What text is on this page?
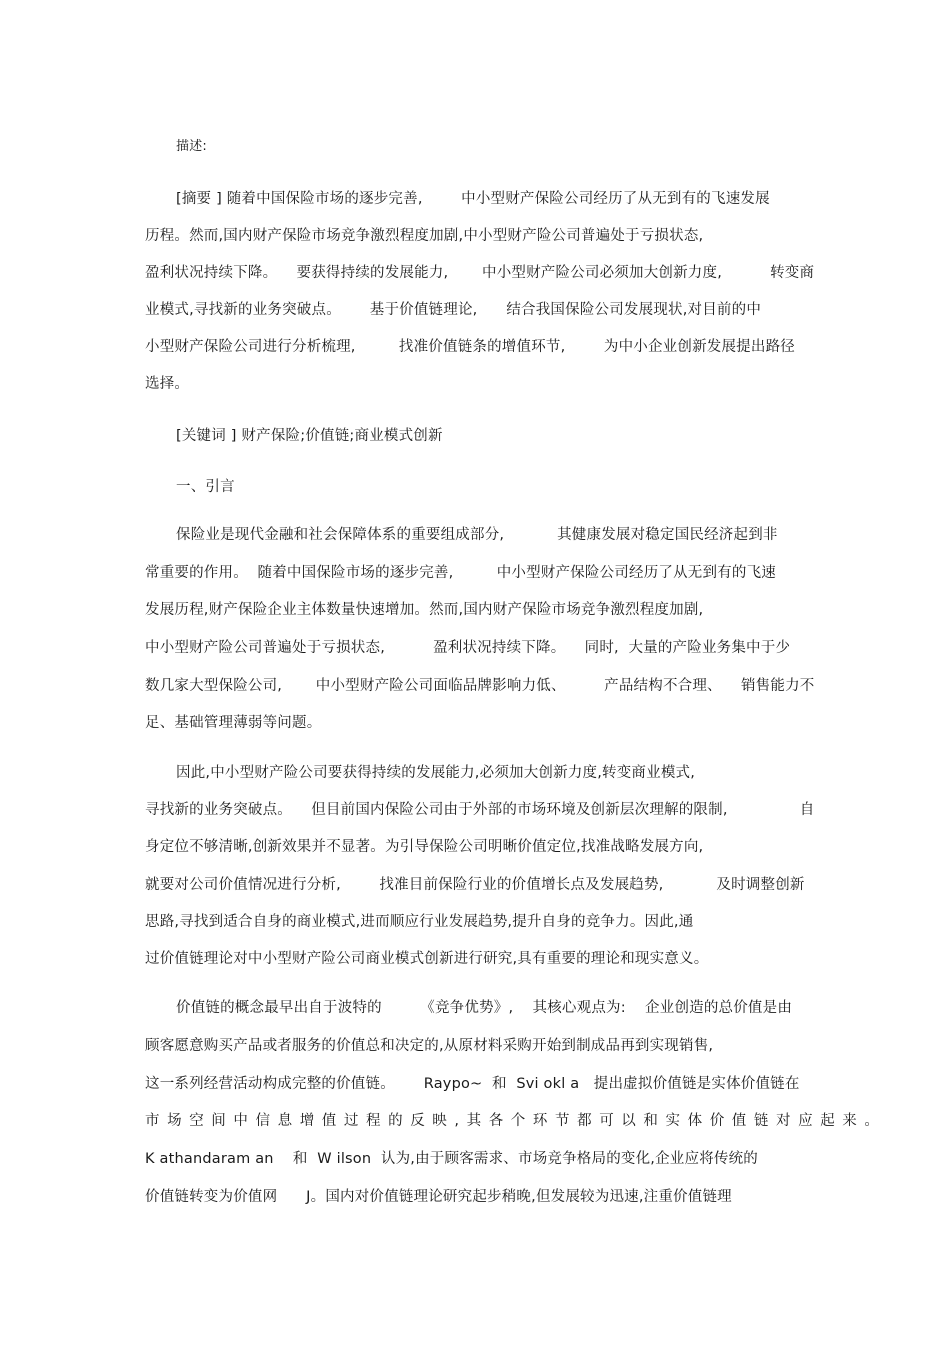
描述:
[摘要 ] 随着中国保险市场的逐步完善,        中小型财产保险公司经历了从无到有的飞速发展
历程。然而,国内财产保险市场竞争激烈程度加剧,中小型财产险公司普遍处于亏损状态,
盈利状况持续下降。    要获得持续的发展能力,       中小型财产险公司必须加大创新力度,          转变商
业模式,寻找新的业务突破点。      基于价值链理论,      结合我国保险公司发展现状,对目前的中
小型财产保险公司进行分析梳理,         找准价值链条的增值环节,        为中小企业创新发展提出路径
选择。
[关键词 ] 财产保险;价值链;商业模式创新
一、引言
保险业是现代金融和社会保障体系的重要组成部分,           其健康发展对稳定国民经济起到非
常重要的作用。  随着中国保险市场的逐步完善,         中小型财产保险公司经历了从无到有的飞速
发展历程,财产保险企业主体数量快速增加。然而,国内财产保险市场竞争激烈程度加剧,
中小型财产险公司普遍处于亏损状态,          盈利状况持续下降。    同时,  大量的产险业务集中于少
数几家大型保险公司,       中小型财产险公司面临品牌影响力低、        产品结构不合理、    销售能力不
足、基础管理薄弱等问题。
因此,中小型财产险公司要获得持续的发展能力,必须加大创新力度,转变商业模式,
寻找新的业务突破点。    但目前国内保险公司由于外部的市场环境及创新层次理解的限制,               自
身定位不够清晰,创新效果并不显著。为引导保险公司明晰价值定位,找准战略发展方向,
就要对公司价值情况进行分析,        找准目前保险行业的价值增长点及发展趋势,           及时调整创新
思路,寻找到适合自身的商业模式,进而顺应行业发展趋势,提升自身的竞争力。因此,通
过价值链理论对中小型财产险公司商业模式创新进行研究,具有重要的理论和现实意义。
价值链的概念最早出自于波特的        《竞争优势》,    其核心观点为:    企业创造的总价值是由
顾客愿意购买产品或者服务的价值总和决定的,从原材料采购开始到制成品再到实现销售,
这一系列经营活动构成完整的价值链。      Raypo~  和  Svi okl a   提出虚拟价值链是实体价值链在
市场空间中信息增值过程的反映,其各个环节都可以和实体价值链对应起来。
K athandaram an    和  W ilson  认为,由于顾客需求、市场竞争格局的变化,企业应将传统的
价值链转变为价值网      J。国内对价值链理论研究起步稍晚,但发展较为迅速,注重价值链理
